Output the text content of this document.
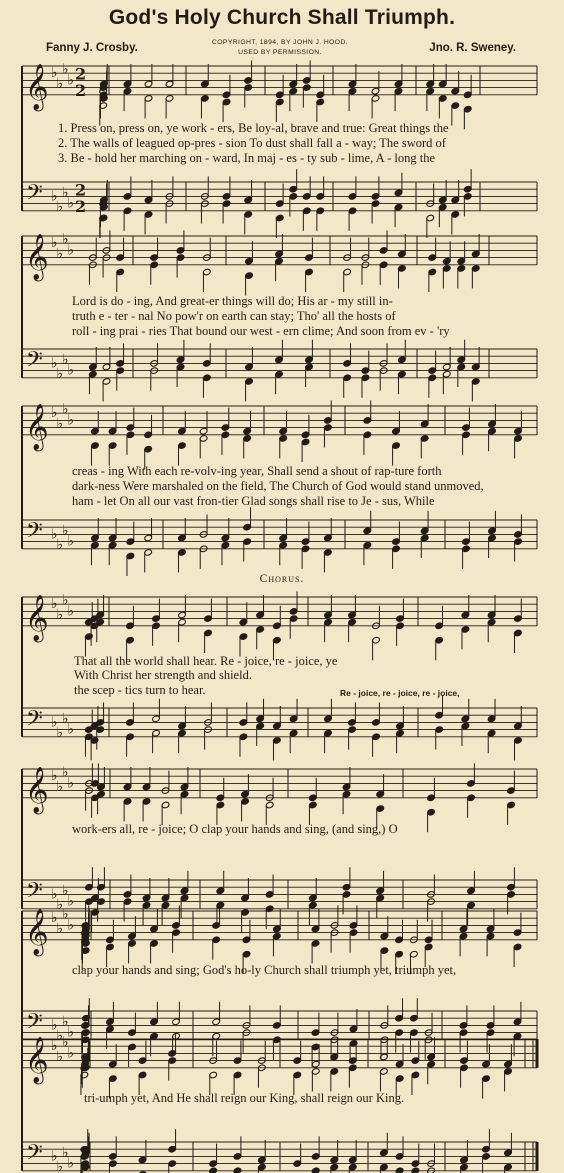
God's Holy Church Shall Triumph.
Fanny J. Crosby.	COPYRIGHT, 1894, BY JOHN J. HOOD.
USED BY PERMISSION.	Jno. R. Sweney.
𝄞
𝄢
♭
♭
♭
♭
♭
♭
♭
♭
2
2
2
2
𝄞
𝄢
♭
♭
♭
♭
♭
♭
♭
♭
𝄞
𝄢
♭
♭
♭
♭
♭
♭
♭
♭
𝄞
𝄢
♭
♭
♭
♭
♭
♭
♭
♭
𝄞
𝄢
♭
♭
♭
♭
♭
♭
♭
♭
𝄞
𝄢
♭
♭
♭
♭
♭
♭
♭
♭
𝄞
𝄢
♭
♭
♭
♭
♭
♭
♭
♭
1. Press on, press on, ye work - ers, Be loy-al, brave and true: Great things the
2. The walls of leagued op-pres - sion To dust shall fall a - way; The sword of
3. Be - hold her marching on - ward, In maj - es - ty sub - lime, A - long the
Lord is do - ing, And great-er things will do; His ar - my still in-
truth e - ter - nal No pow'r on earth can stay; Tho' all the hosts of
roll - ing prai - ries That bound our west - ern clime; And soon from ev - 'ry
creas - ing With each re-volv-ing year, Shall send a shout of rap-ture forth
dark-ness Were marshaled on the field, The Church of God would stand unmoved,
ham - let On all our vast fron-tier Glad songs shall rise to Je - sus, While
Chorus.
That all the world shall hear. Re - joice, re - joice, ye
With Christ her strength and shield.
the scep - tics turn to hear.	Re - joice, re - joice, re - joice,
work-ers all, re - joice; O clap your hands and sing, (and sing,) O
clap your hands and sing; God's ho-ly Church shall triumph yet, triumph yet,
tri-umph yet, And He shall reign our King, shall reign our King.
